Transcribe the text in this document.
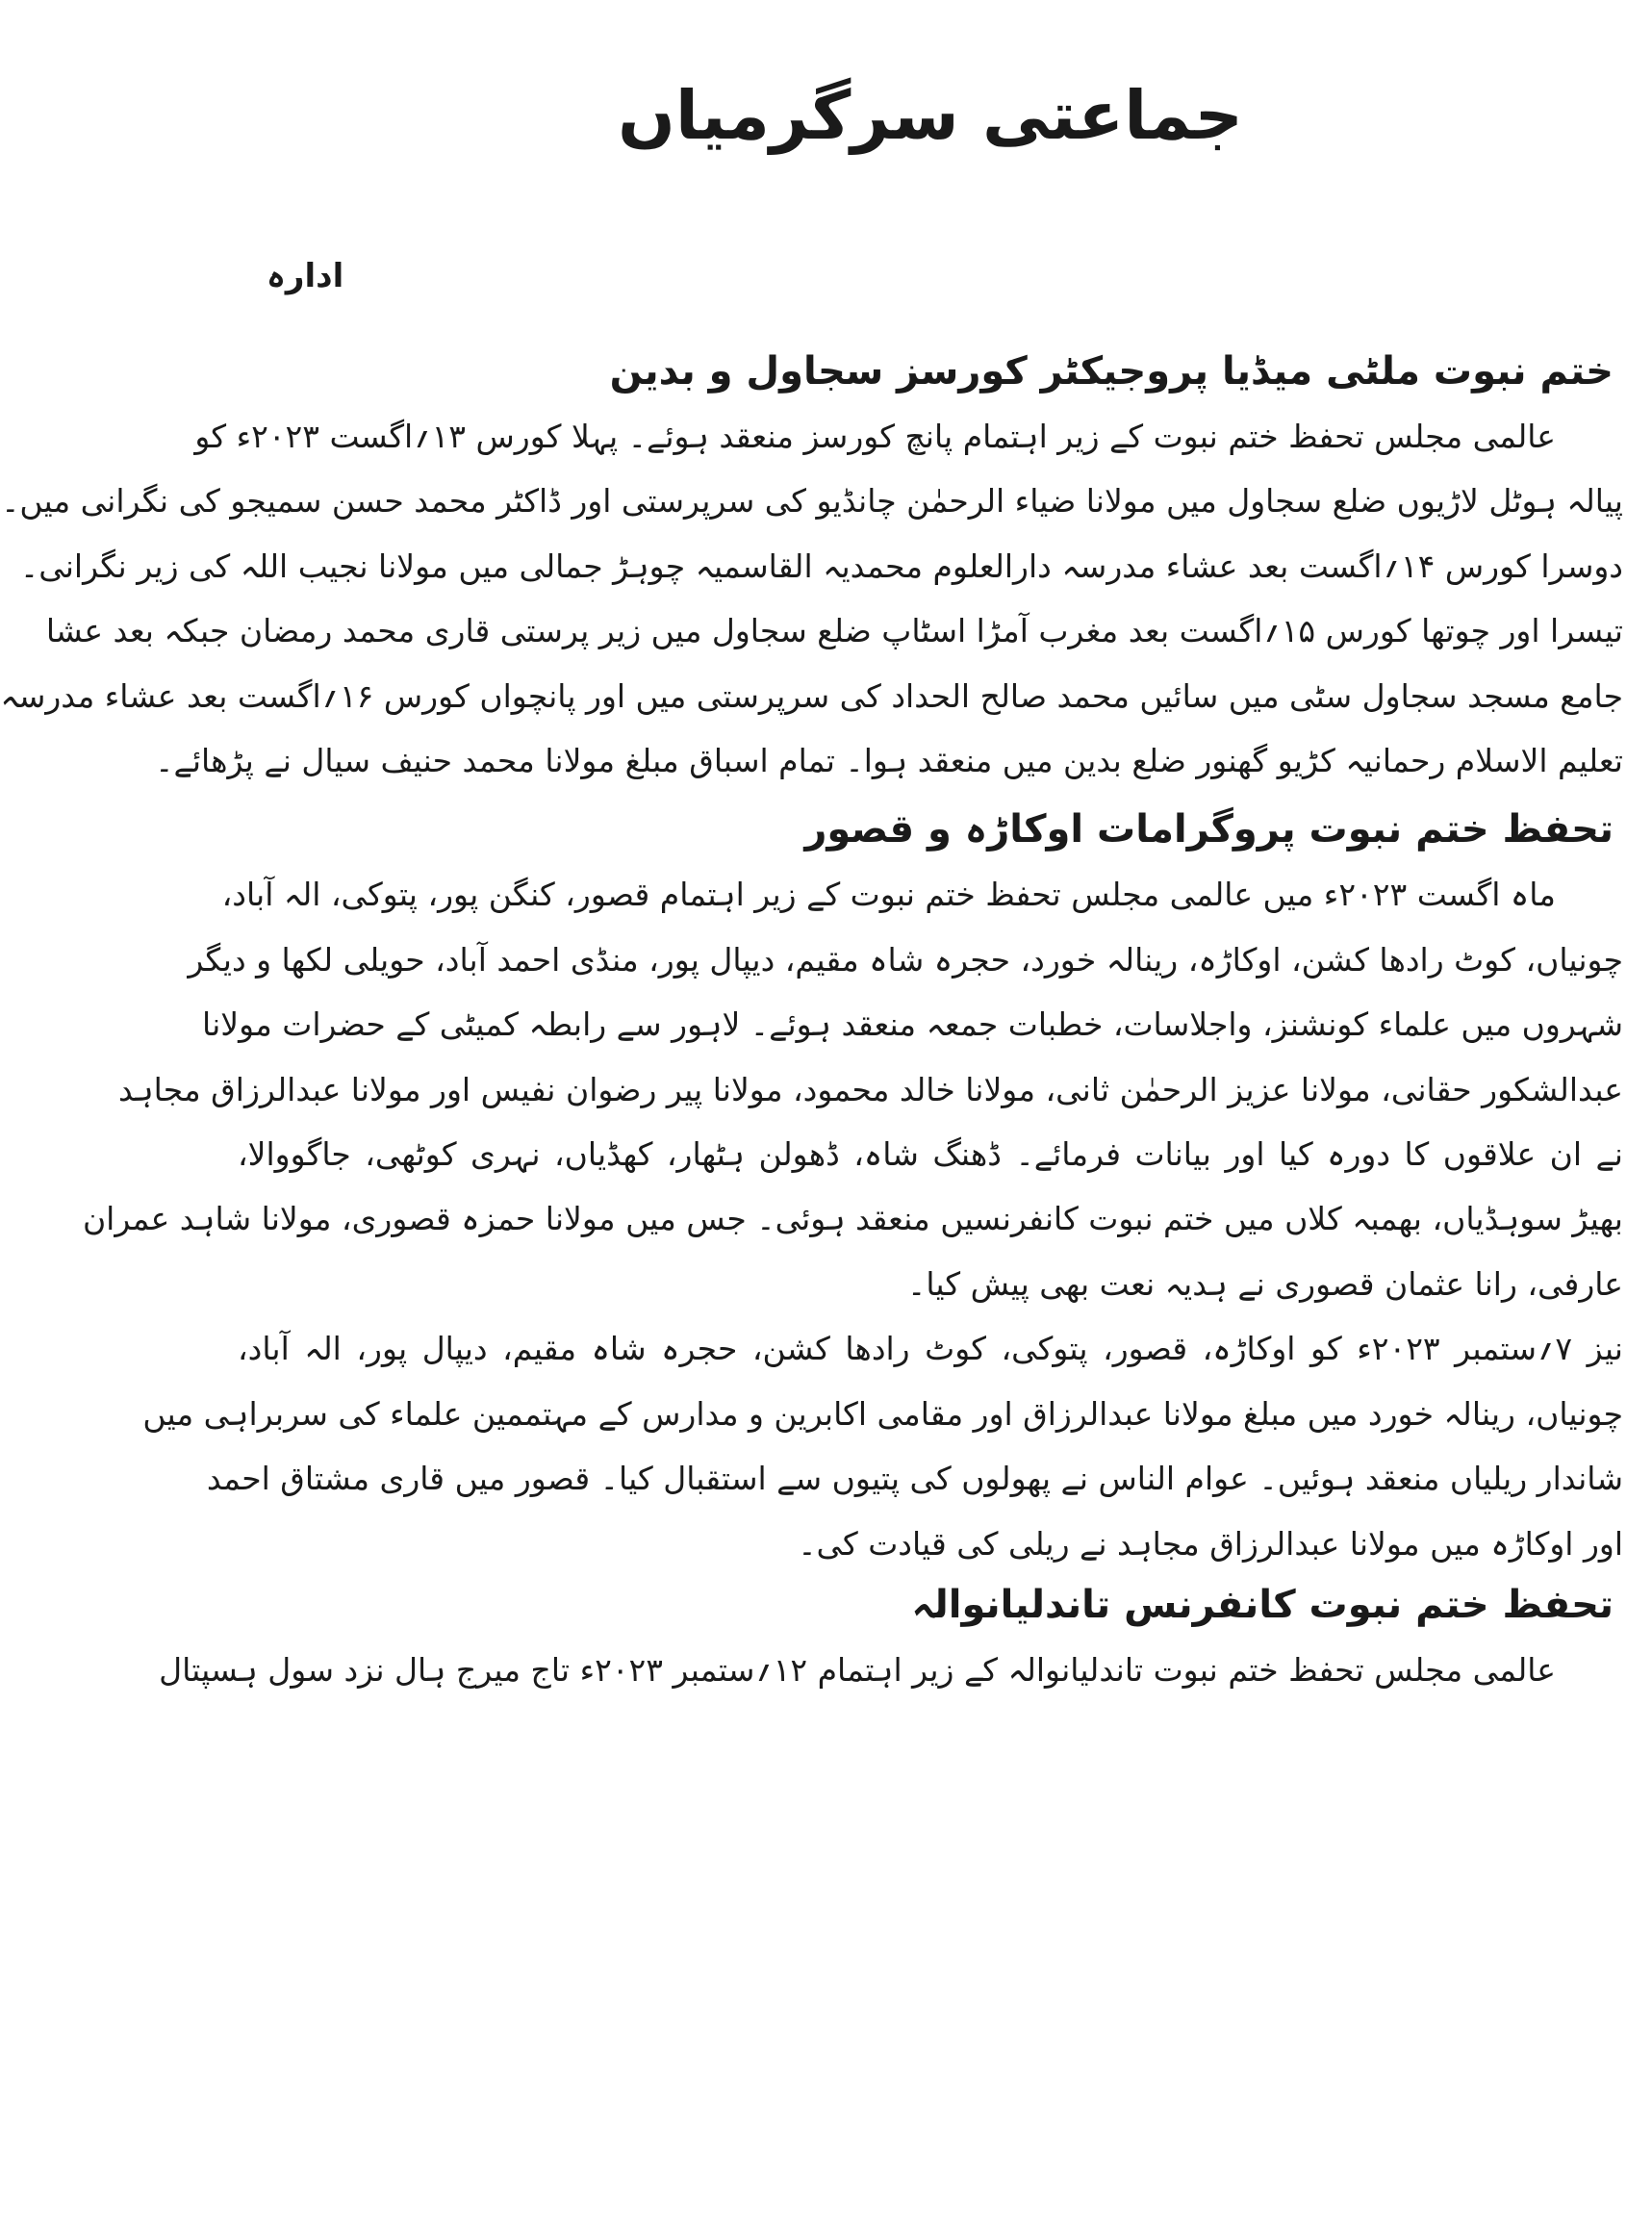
جماعتی سرگرمیاں
ادارہ
ختم نبوت ملٹی میڈیا پروجیکٹر کورسز سجاول و بدین
عالمی مجلس تحفظ ختم نبوت کے زیر اہتمام پانچ کورسز منعقد ہوئے۔ پہلا کورس ۱۳؍اگست ۲۰۲۳ء کو
پیالہ ہوٹل لاڑیوں ضلع سجاول میں مولانا ضیاء الرحمٰن چانڈیو کی سرپرستی اور ڈاکٹر محمد حسن سمیجو کی نگرانی میں۔
دوسرا کورس ۱۴؍اگست بعد عشاء مدرسہ دارالعلوم محمدیہ القاسمیہ چوہڑ جمالی میں مولانا نجیب اللہ کی زیر نگرانی۔
تیسرا اور چوتھا کورس ۱۵؍اگست بعد مغرب آمڑا اسٹاپ ضلع سجاول میں زیر پرستی قاری محمد رمضان جبکہ بعد عشا
جامع مسجد سجاول سٹی میں سائیں محمد صالح الحداد کی سرپرستی میں اور پانچواں کورس ۱۶؍اگست بعد عشاء مدرسہ
تعلیم الاسلام رحمانیہ کڑیو گھنور ضلع بدین میں منعقد ہوا۔ تمام اسباق مبلغ مولانا محمد حنیف سیال نے پڑھائے۔
تحفظ ختم نبوت پروگرامات اوکاڑہ و قصور
ماہ اگست ۲۰۲۳ء میں عالمی مجلس تحفظ ختم نبوت کے زیر اہتمام قصور، کنگن پور، پتوکی، الہ آباد،
چونیاں، کوٹ رادھا کشن، اوکاڑہ، رینالہ خورد، حجرہ شاہ مقیم، دیپال پور، منڈی احمد آباد، حویلی لکھا و دیگر
شہروں میں علماء کونشنز، واجلاسات، خطبات جمعہ منعقد ہوئے۔ لاہور سے رابطہ کمیٹی کے حضرات مولانا
عبدالشکور حقانی، مولانا عزیز الرحمٰن ثانی، مولانا خالد محمود، مولانا پیر رضوان نفیس اور مولانا عبدالرزاق مجاہد
نے ان علاقوں کا دورہ کیا اور بیانات فرمائے۔ ڈھنگ شاہ، ڈھولن ہٹھار، کھڈیاں، نہری کوٹھی، جاگووالا،
بھیڑ سوہڈیاں، بھمبہ کلاں میں ختم نبوت کانفرنسیں منعقد ہوئی۔ جس میں مولانا حمزہ قصوری، مولانا شاہد عمران
عارفی، رانا عثمان قصوری نے ہدیہ نعت بھی پیش کیا۔
نیز ۷؍ستمبر ۲۰۲۳ء کو اوکاڑہ، قصور، پتوکی، کوٹ رادھا کشن، حجرہ شاہ مقیم، دیپال پور، الہ آباد،
چونیاں، رینالہ خورد میں مبلغ مولانا عبدالرزاق اور مقامی اکابرین و مدارس کے مہتممین علماء کی سربراہی میں
شاندار ریلیاں منعقد ہوئیں۔ عوام الناس نے پھولوں کی پتیوں سے استقبال کیا۔ قصور میں قاری مشتاق احمد
اور اوکاڑہ میں مولانا عبدالرزاق مجاہد نے ریلی کی قیادت کی۔
تحفظ ختم نبوت کانفرنس تاندلیانوالہ
عالمی مجلس تحفظ ختم نبوت تاندلیانوالہ کے زیر اہتمام ۱۲؍ستمبر ۲۰۲۳ء تاج میرج ہال نزد سول ہسپتال
